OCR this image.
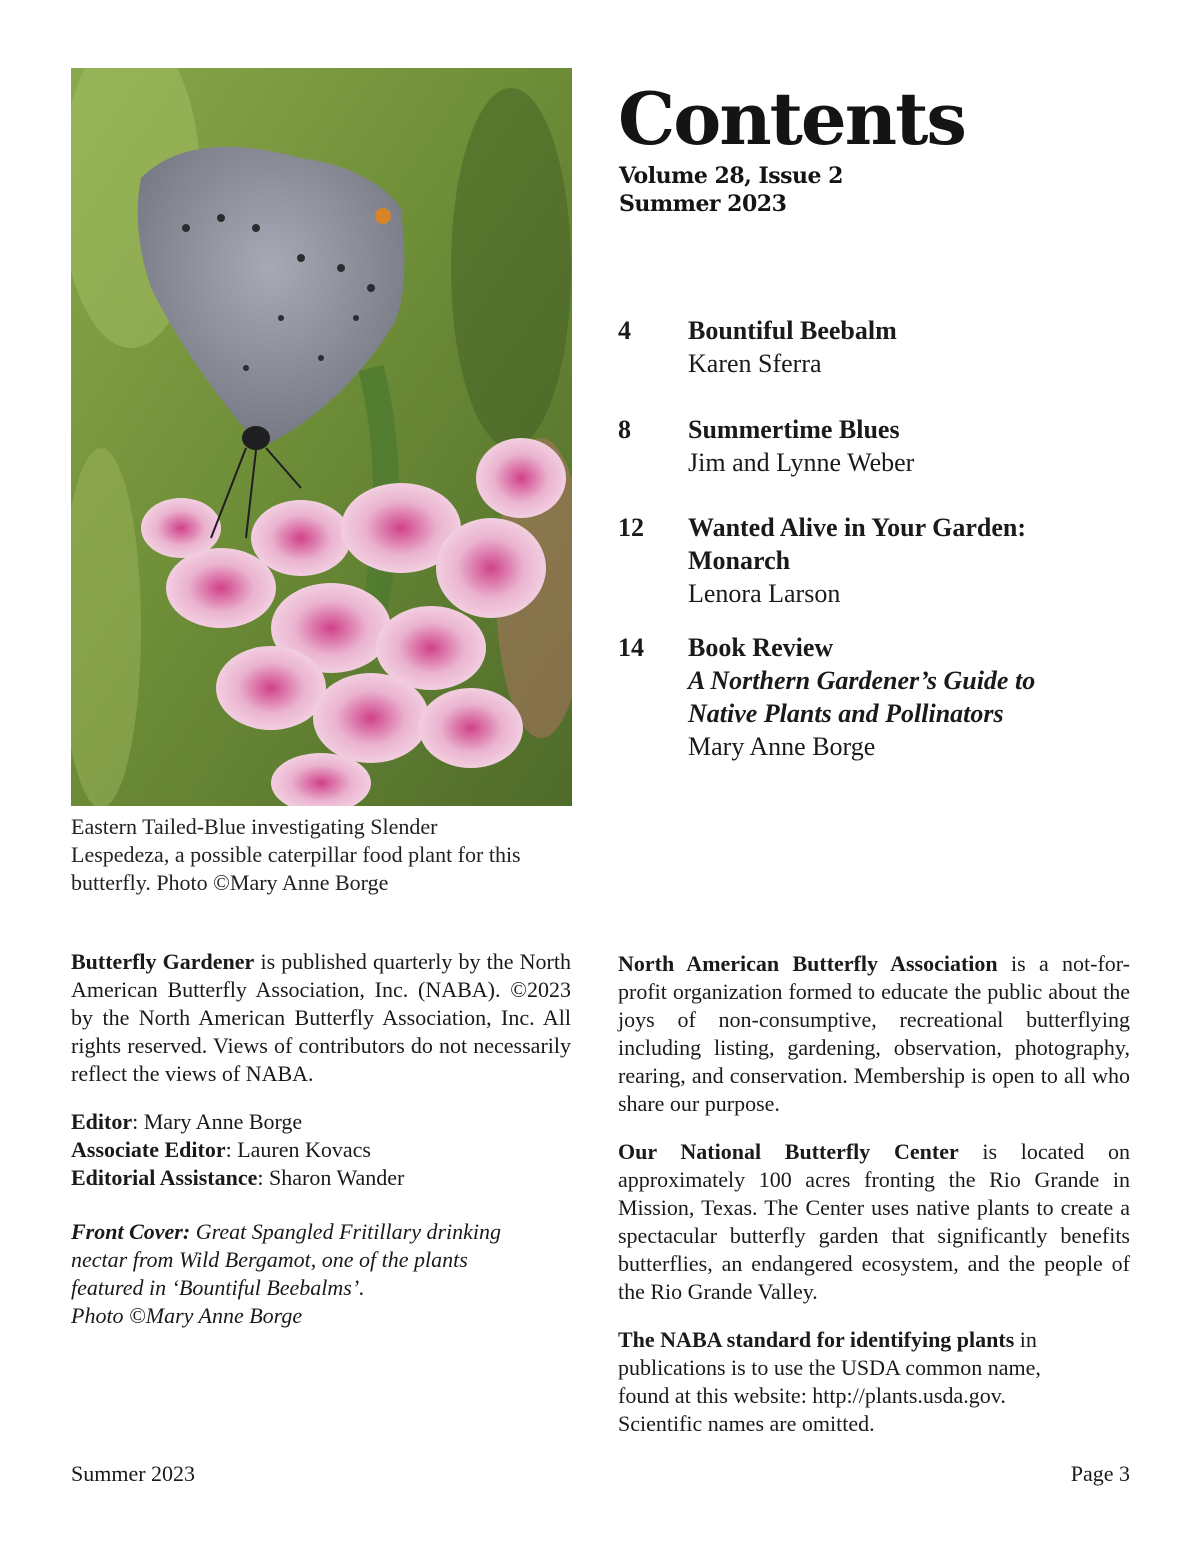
Eastern Tailed-Blue investigating Slender Lespedeza, a possible caterpillar food plant for this butterfly. Photo ©Mary Anne Borge
Contents
Volume 28, Issue 2
Summer 2023
4 Bountiful Beebalm
Karen Sferra
8 Summertime Blues
Jim and Lynne Weber
12 Wanted Alive in Your Garden: Monarch
Lenora Larson
14 Book Review
A Northern Gardener’s Guide to Native Plants and Pollinators
Mary Anne Borge

Butterfly Gardener is published quarterly by the North American Butterfly Association, Inc. (NABA). ©2023 by the North American Butterfly Association, Inc. All rights reserved. Views of contributors do not necessarily reflect the views of NABA.

Editor: Mary Anne Borge
Associate Editor: Lauren Kovacs
Editorial Assistance: Sharon Wander

Front Cover: Great Spangled Fritillary drinking nectar from Wild Bergamot, one of the plants featured in ‘Bountiful Beebalms’.
Photo ©Mary Anne Borge

North American Butterfly Association is a not-for-profit organization formed to educate the public about the joys of non-consumptive, recreational butterflying including listing, gardening, observation, photography, rearing, and conservation. Membership is open to all who share our purpose.

Our National Butterfly Center is located on approximately 100 acres fronting the Rio Grande in Mission, Texas. The Center uses native plants to create a spectacular butterfly garden that significantly benefits butterflies, an endangered ecosystem, and the people of the Rio Grande Valley.

The NABA standard for identifying plants in publications is to use the USDA common name, found at this website: http://plants.usda.gov. Scientific names are omitted.

Summer 2023	Page 3
